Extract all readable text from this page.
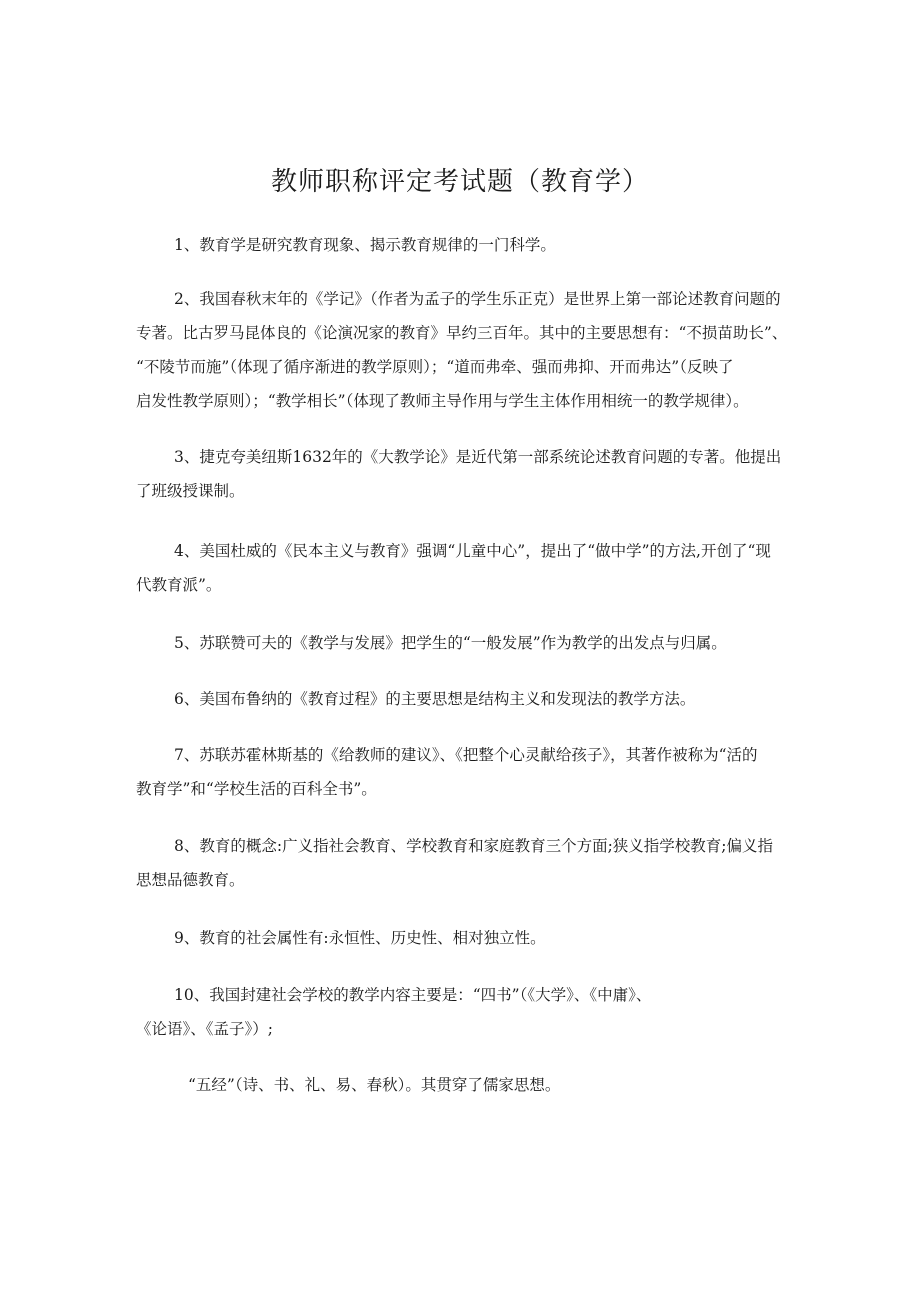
教师职称评定考试题（教育学）

1、教育学是研究教育现象、揭示教育规律的一门科学。

2、我国春秋末年的《学记》（作者为孟子的学生乐正克）是世界上第一部论述教育问题的
专著。比古罗马昆体良的《论演况家的教育》早约三百年。其中的主要思想有：“不损苗助长”、
“不陵节而施”（体现了循序渐进的教学原则）；“道而弗牵、强而弗抑、开而弗达”（反映了
启发性教学原则）；“教学相长”（体现了教师主导作用与学生主体作用相统一的教学规律）。

3、捷克夸美纽斯1632年的《大教学论》是近代第一部系统论述教育问题的专著。他提出
了班级授课制。

4、美国杜威的《民本主义与教育》强调“儿童中心”，提出了“做中学”的方法,开创了“现
代教育派”。

5、苏联赞可夫的《教学与发展》把学生的“一般发展”作为教学的出发点与归属。

6、美国布鲁纳的《教育过程》的主要思想是结构主义和发现法的教学方法。

7、苏联苏霍林斯基的《给教师的建议》、《把整个心灵献给孩子》，其著作被称为“活的
教育学”和“学校生活的百科全书”。

8、教育的概念:广义指社会教育、学校教育和家庭教育三个方面;狭义指学校教育;偏义指
思想品德教育。

9、教育的社会属性有:永恒性、历史性、相对独立性。

10、我国封建社会学校的教学内容主要是：“四书”（《大学》、《中庸》、
《论语》、《孟子》）;

“五经”（诗、书、礼、易、春秋）。其贯穿了儒家思想。
